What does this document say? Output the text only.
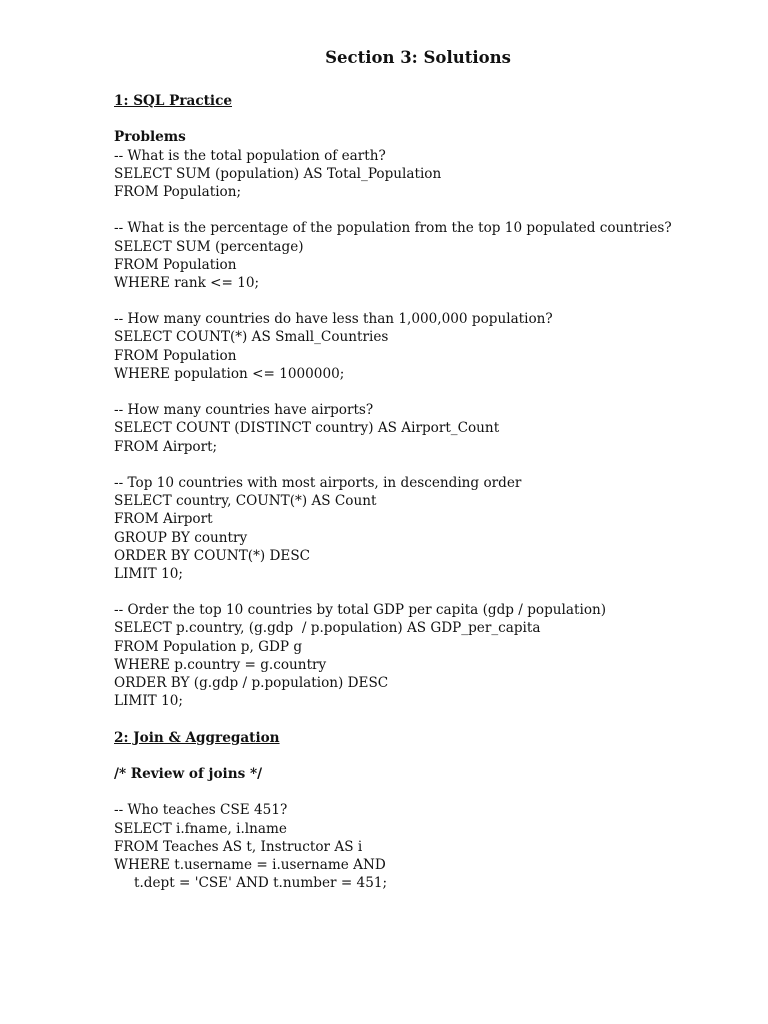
Section 3: Solutions
1: SQL Practice
Problems
-- What is the total population of earth?
SELECT SUM (population) AS Total_Population
FROM Population;
-- What is the percentage of the population from the top 10 populated countries?
SELECT SUM (percentage)
FROM Population
WHERE rank <= 10;
-- How many countries do have less than 1,000,000 population?
SELECT COUNT(*) AS Small_Countries
FROM Population
WHERE population <= 1000000;
-- How many countries have airports?
SELECT COUNT (DISTINCT country) AS Airport_Count
FROM Airport;
-- Top 10 countries with most airports, in descending order
SELECT country, COUNT(*) AS Count
FROM Airport
GROUP BY country
ORDER BY COUNT(*) DESC
LIMIT 10;
-- Order the top 10 countries by total GDP per capita (gdp / population)
SELECT p.country, (g.gdp  / p.population) AS GDP_per_capita
FROM Population p, GDP g
WHERE p.country = g.country
ORDER BY (g.gdp / p.population) DESC
LIMIT 10;
2: Join & Aggregation
/* Review of joins */
-- Who teaches CSE 451?
SELECT i.fname, i.lname
FROM Teaches AS t, Instructor AS i
WHERE t.username = i.username AND
t.dept = 'CSE' AND t.number = 451;
